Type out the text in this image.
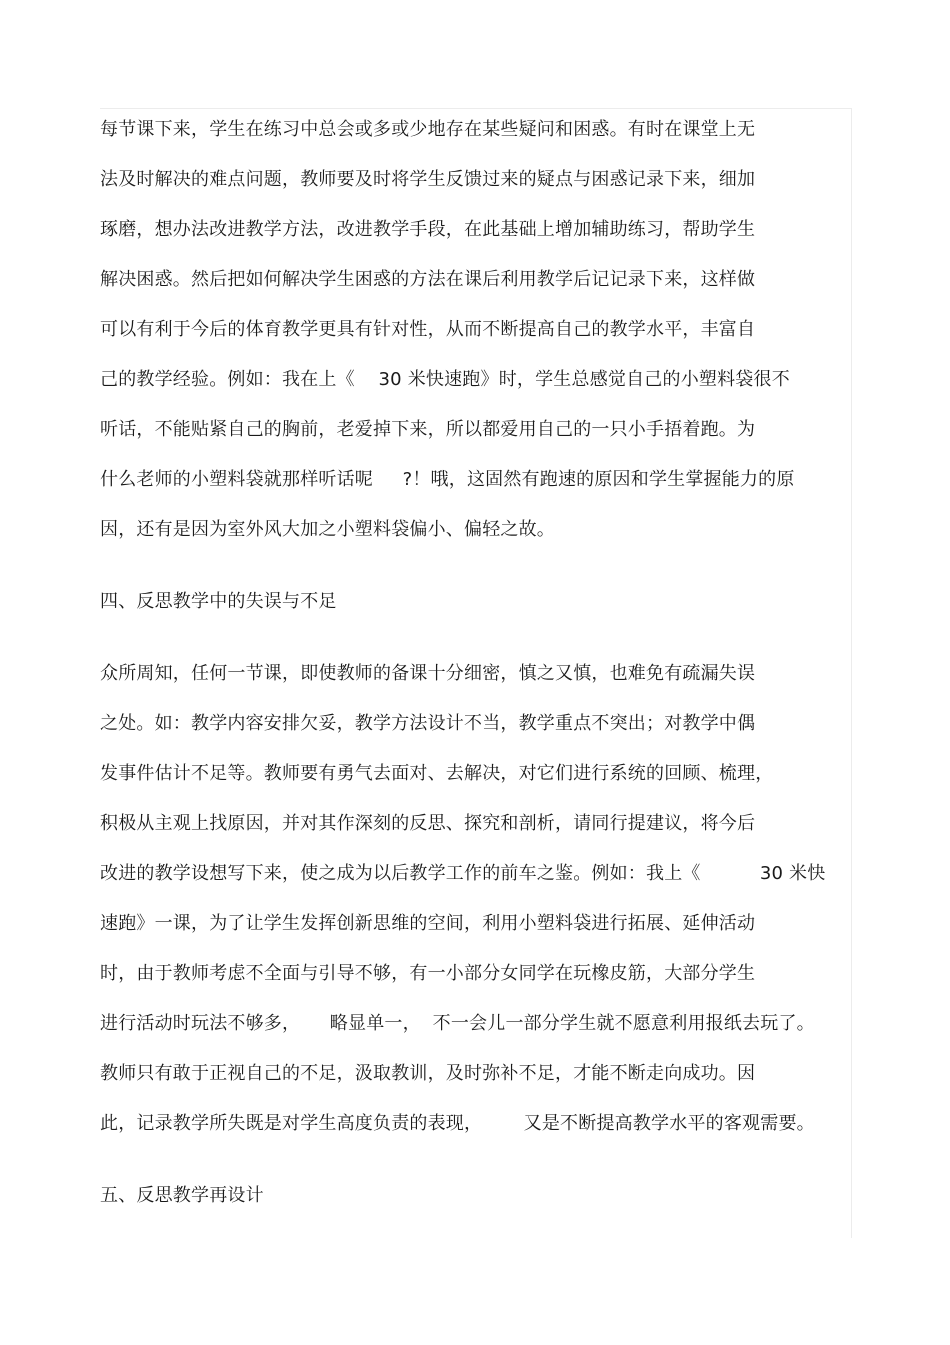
每节课下来，学生在练习中总会或多或少地存在某些疑问和困惑。有时在课堂上无
法及时解决的难点问题，教师要及时将学生反馈过来的疑点与困惑记录下来，细加
琢磨，想办法改进教学方法，改进教学手段，在此基础上增加辅助练习，帮助学生
解决困惑。然后把如何解决学生困惑的方法在课后利用教学后记记录下来，这样做
可以有利于今后的体育教学更具有针对性，从而不断提高自己的教学水平，丰富自
己的教学经验。例如：我在上《    30 米快速跑》时，学生总感觉自己的小塑料袋很不
听话，不能贴紧自己的胸前，老爱掉下来，所以都爱用自己的一只小手捂着跑。为
什么老师的小塑料袋就那样听话呢     ?！哦，这固然有跑速的原因和学生掌握能力的原
因，还有是因为室外风大加之小塑料袋偏小、偏轻之故。
四、反思教学中的失误与不足
众所周知，任何一节课，即使教师的备课十分细密，慎之又慎，也难免有疏漏失误
之处。如：教学内容安排欠妥，教学方法设计不当，教学重点不突出；对教学中偶
发事件估计不足等。教师要有勇气去面对、去解决，对它们进行系统的回顾、梳理，
积极从主观上找原因，并对其作深刻的反思、探究和剖析，请同行提建议，将今后
改进的教学设想写下来，使之成为以后教学工作的前车之鉴。例如：我上《          30 米快
速跑》一课，为了让学生发挥创新思维的空间，利用小塑料袋进行拓展、延伸活动
时，由于教师考虑不全面与引导不够，有一小部分女同学在玩橡皮筋，大部分学生
进行活动时玩法不够多，     略显单一，  不一会儿一部分学生就不愿意利用报纸去玩了。
教师只有敢于正视自己的不足，汲取教训，及时弥补不足，才能不断走向成功。因
此，记录教学所失既是对学生高度负责的表现，       又是不断提高教学水平的客观需要。
五、反思教学再设计
